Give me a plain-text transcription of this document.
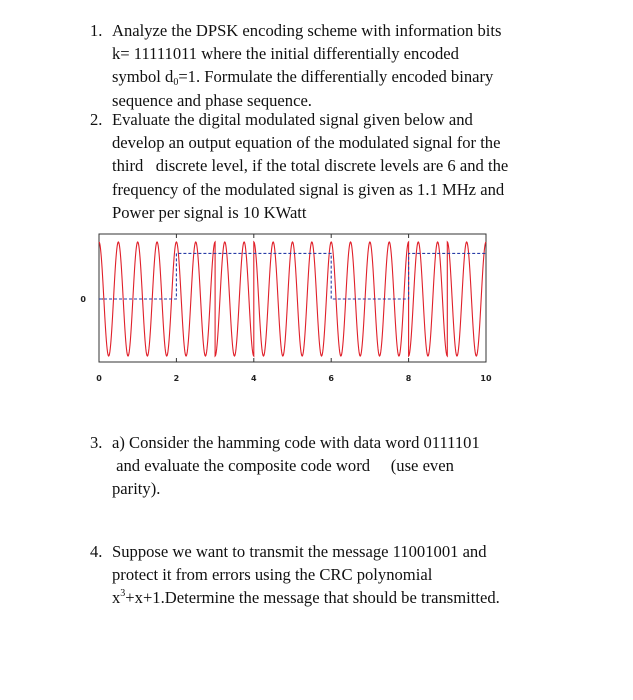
1. Analyze the DPSK encoding scheme with information bits
k= 11111011 where the initial differentially encoded
symbol $d_0=1$. Formulate the differentially encoded binary
sequence and phase sequence.
2. Evaluate the digital modulated signal given below and
develop an output equation of the modulated signal for the
third   discrete level, if the total discrete levels are 6 and the
frequency of the modulated signal is given as 1.1 MHz and
Power per signal is 10 KWatt
0	2	4	6	8	10
0
3. a) Consider the hamming code with data word 0111101
and evaluate the composite code word     (use even
parity).
4. Suppose we want to transmit the message 11001001 and
protect it from errors using the CRC polynomial
$x^3+x+1.Determine$ the message that should be transmitted.
